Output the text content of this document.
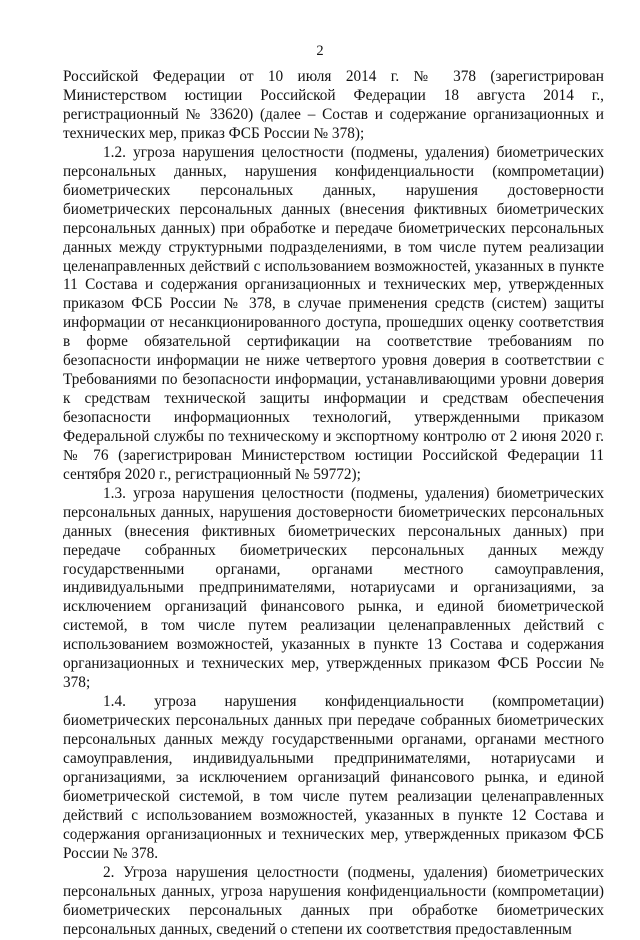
2

Российской Федерации от 10 июля 2014 г. № 378 (зарегистрирован Министерством юстиции Российской Федерации 18 августа 2014 г., регистрационный № 33620) (далее – Состав и содержание организационных и технических мер, приказ ФСБ России № 378);

1.2. угроза нарушения целостности (подмены, удаления) биометрических персональных данных, нарушения конфиденциальности (компрометации) биометрических персональных данных, нарушения достоверности биометрических персональных данных (внесения фиктивных биометрических персональных данных) при обработке и передаче биометрических персональных данных между структурными подразделениями, в том числе путем реализации целенаправленных действий с использованием возможностей, указанных в пункте 11 Состава и содержания организационных и технических мер, утвержденных приказом ФСБ России № 378, в случае применения средств (систем) защиты информации от несанкционированного доступа, прошедших оценку соответствия в форме обязательной сертификации на соответствие требованиям по безопасности информации не ниже четвертого уровня доверия в соответствии с Требованиями по безопасности информации, устанавливающими уровни доверия к средствам технической защиты информации и средствам обеспечения безопасности информационных технологий, утвержденными приказом Федеральной службы по техническому и экспортному контролю от 2 июня 2020 г. № 76 (зарегистрирован Министерством юстиции Российской Федерации 11 сентября 2020 г., регистрационный № 59772);

1.3. угроза нарушения целостности (подмены, удаления) биометрических персональных данных, нарушения достоверности биометрических персональных данных (внесения фиктивных биометрических персональных данных) при передаче собранных биометрических персональных данных между государственными органами, органами местного самоуправления, индивидуальными предпринимателями, нотариусами и организациями, за исключением организаций финансового рынка, и единой биометрической системой, в том числе путем реализации целенаправленных действий с использованием возможностей, указанных в пункте 13 Состава и содержания организационных и технических мер, утвержденных приказом ФСБ России № 378;

1.4. угроза нарушения конфиденциальности (компрометации) биометрических персональных данных при передаче собранных биометрических персональных данных между государственными органами, органами местного самоуправления, индивидуальными предпринимателями, нотариусами и организациями, за исключением организаций финансового рынка, и единой биометрической системой, в том числе путем реализации целенаправленных действий с использованием возможностей, указанных в пункте 12 Состава и содержания организационных и технических мер, утвержденных приказом ФСБ России № 378.

2. Угроза нарушения целостности (подмены, удаления) биометрических персональных данных, угроза нарушения конфиденциальности (компрометации) биометрических персональных данных при обработке биометрических персональных данных, сведений о степени их соответствия предоставленным
